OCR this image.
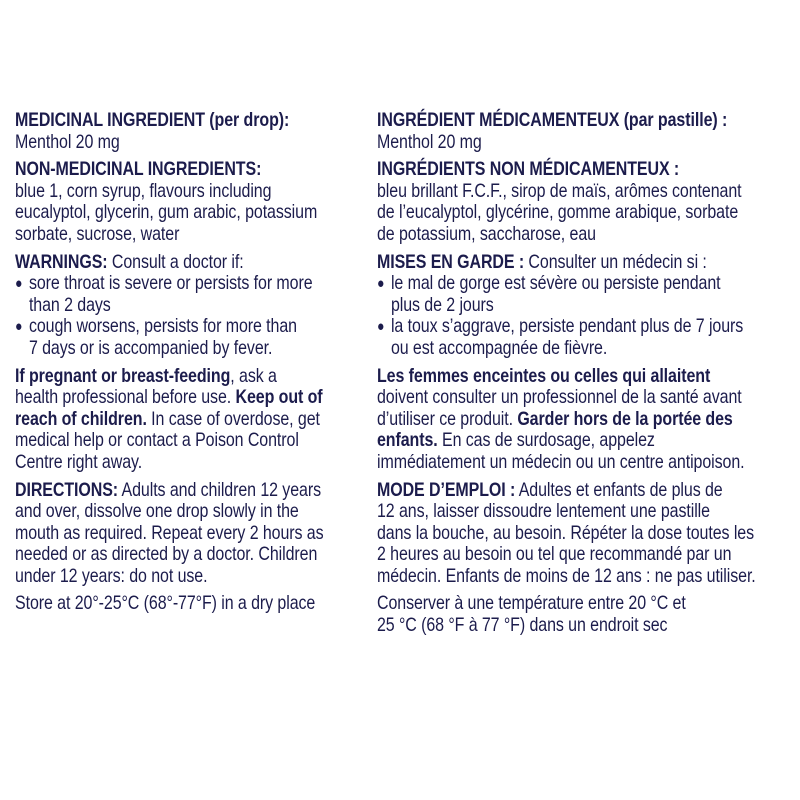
MEDICINAL INGREDIENT (per drop):
Menthol 20 mg
NON-MEDICINAL INGREDIENTS:
blue 1, corn syrup, flavours including
eucalyptol, glycerin, gum arabic, potassium
sorbate, sucrose, water
WARNINGS: Consult a doctor if:
● sore throat is severe or persists for more
than 2 days
● cough worsens, persists for more than
7 days or is accompanied by fever.
If pregnant or breast-feeding, ask a
health professional before use. Keep out of
reach of children. In case of overdose, get
medical help or contact a Poison Control
Centre right away.
DIRECTIONS: Adults and children 12 years
and over, dissolve one drop slowly in the
mouth as required. Repeat every 2 hours as
needed or as directed by a doctor. Children
under 12 years: do not use.
Store at 20°-25°C (68°-77°F) in a dry place
INGRÉDIENT MÉDICAMENTEUX (par pastille) :
Menthol 20 mg
INGRÉDIENTS NON MÉDICAMENTEUX :
bleu brillant F.C.F., sirop de maïs, arômes contenant
de l’eucalyptol, glycérine, gomme arabique, sorbate
de potassium, saccharose, eau
MISES EN GARDE : Consulter un médecin si :
● le mal de gorge est sévère ou persiste pendant
plus de 2 jours
● la toux s’aggrave, persiste pendant plus de 7 jours
ou est accompagnée de fièvre.
Les femmes enceintes ou celles qui allaitent
doivent consulter un professionnel de la santé avant
d’utiliser ce produit. Garder hors de la portée des
enfants. En cas de surdosage, appelez
immédiatement un médecin ou un centre antipoison.
MODE D’EMPLOI : Adultes et enfants de plus de
12 ans, laisser dissoudre lentement une pastille
dans la bouche, au besoin. Répéter la dose toutes les
2 heures au besoin ou tel que recommandé par un
médecin. Enfants de moins de 12 ans : ne pas utiliser.
Conserver à une température entre 20 °C et
25 °C (68 °F à 77 °F) dans un endroit sec
